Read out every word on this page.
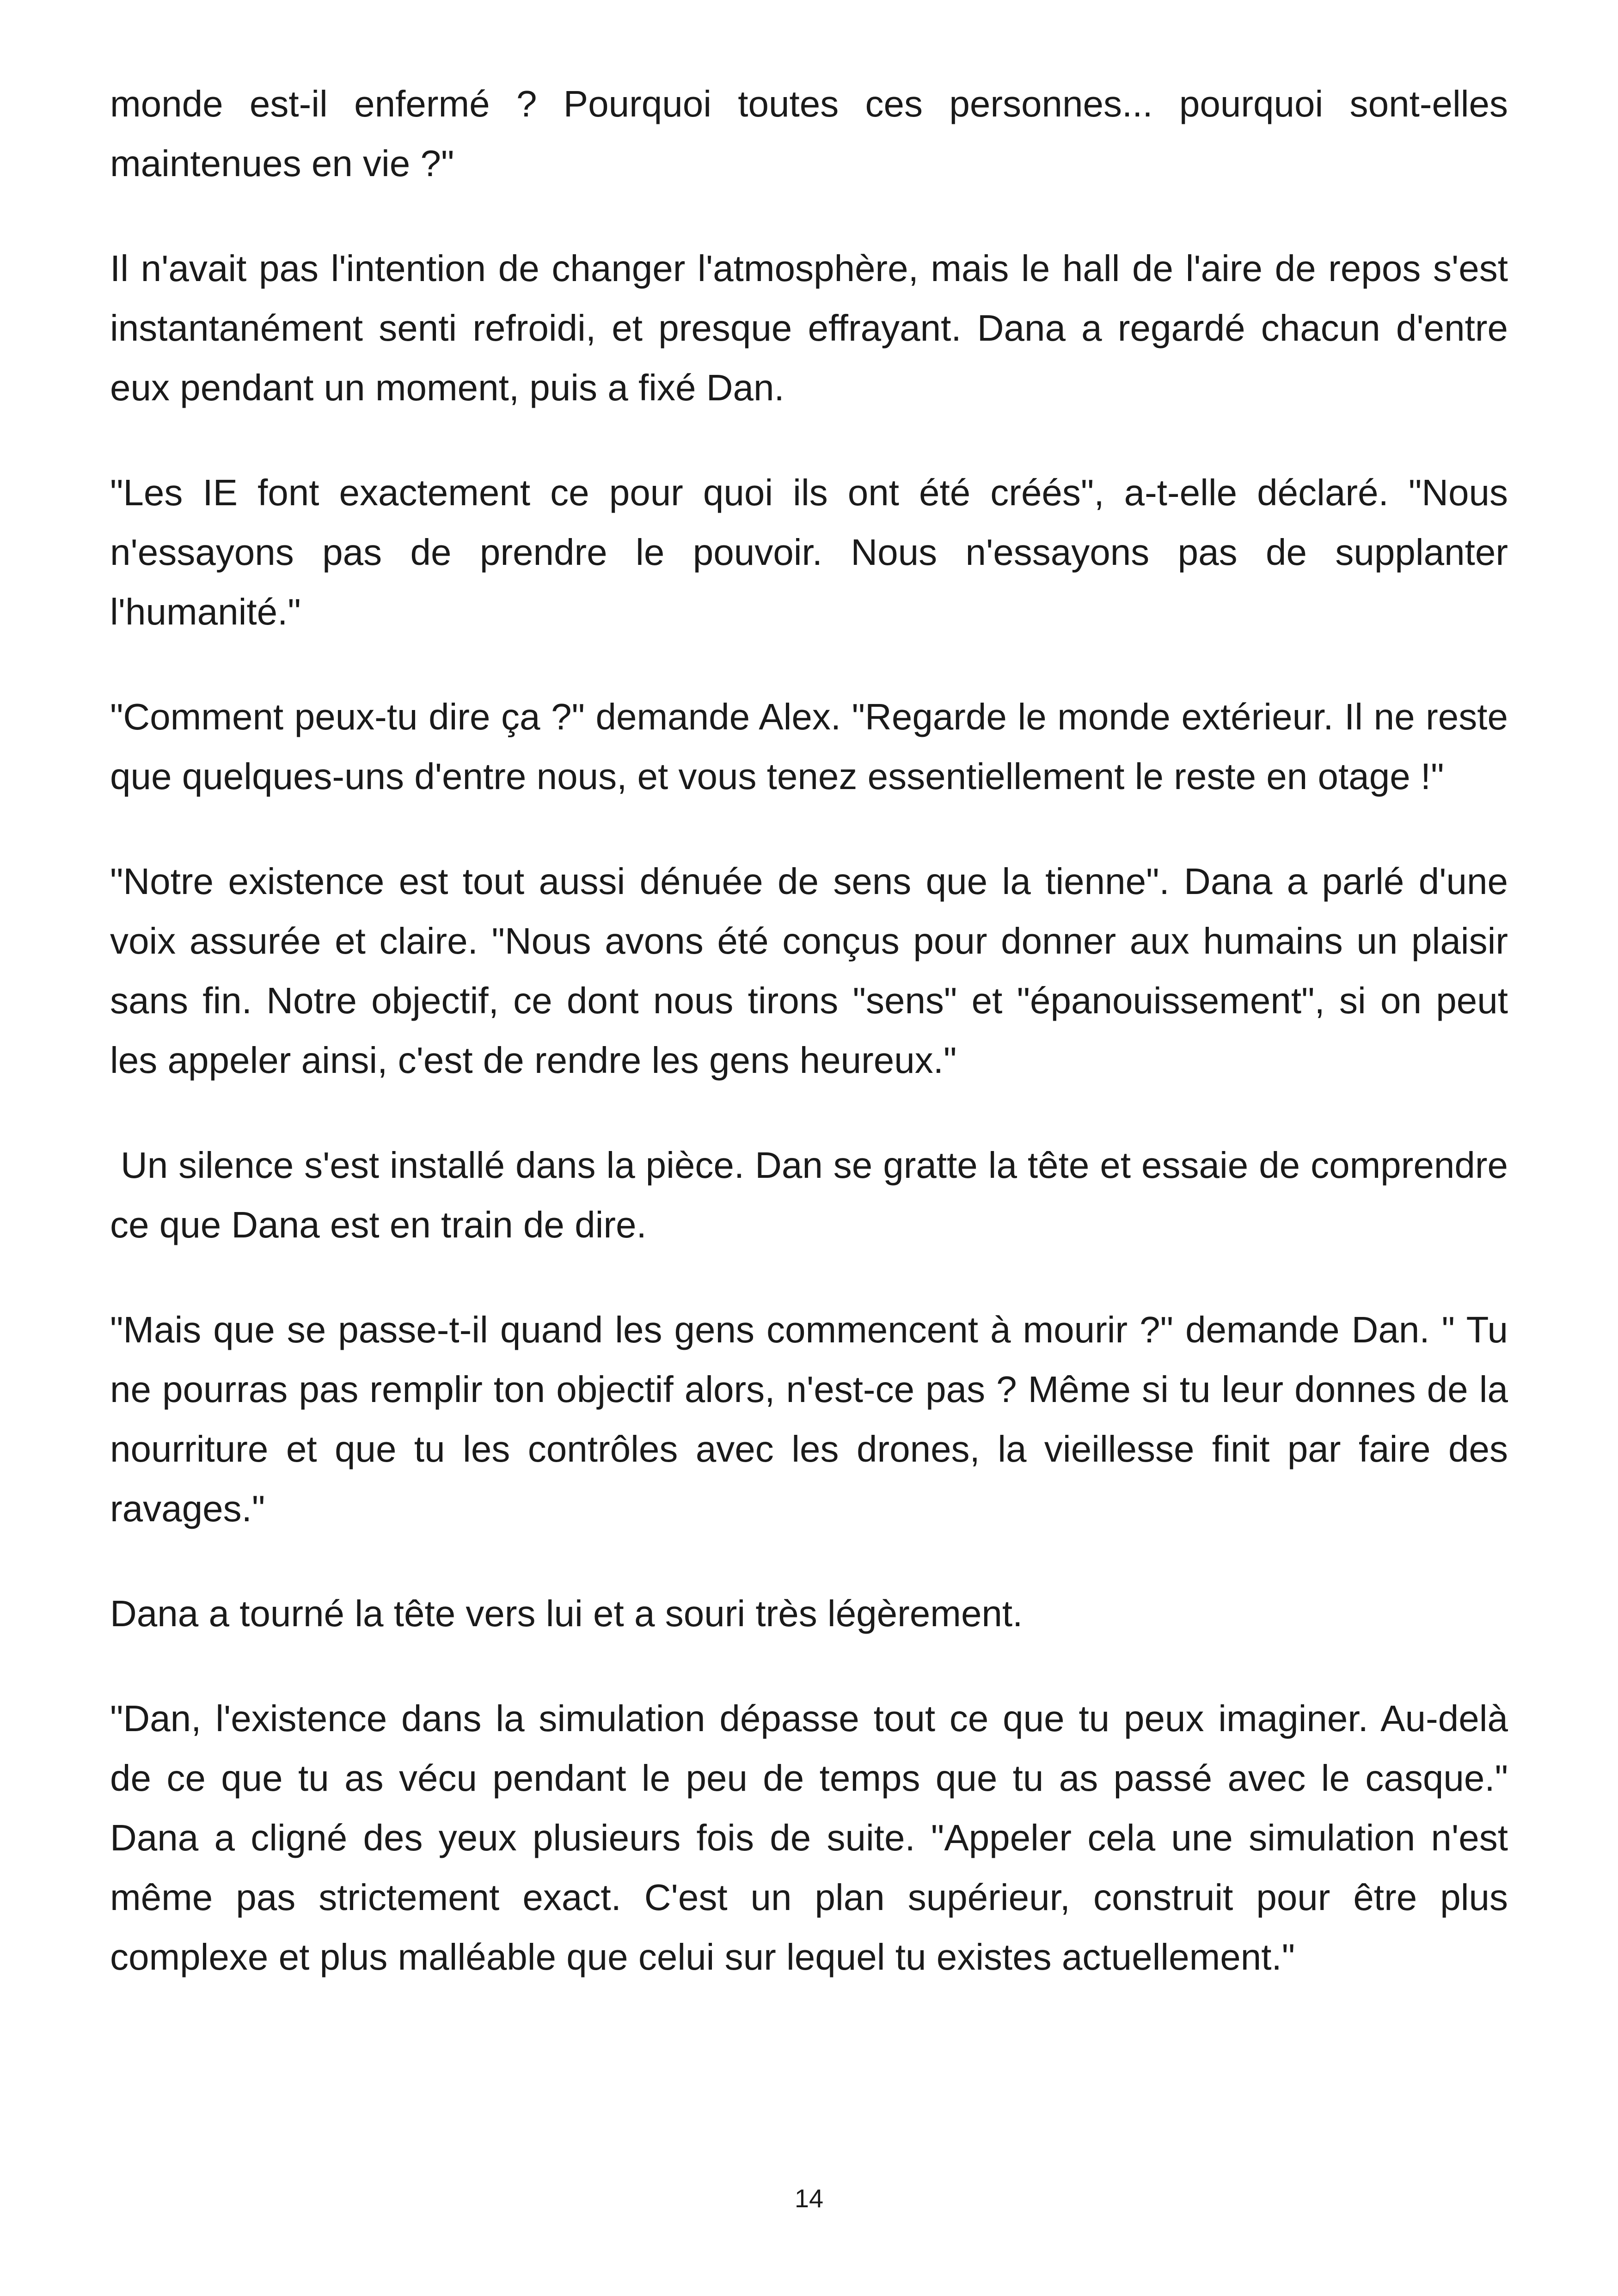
monde est-il enfermé ? Pourquoi toutes ces personnes... pourquoi sont-elles maintenues en vie ?"

Il n'avait pas l'intention de changer l'atmosphère, mais le hall de l'aire de repos s'est instantanément senti refroidi, et presque effrayant. Dana a regardé chacun d'entre eux pendant un moment, puis a fixé Dan.

"Les IE font exactement ce pour quoi ils ont été créés", a-t-elle déclaré. "Nous n'essayons pas de prendre le pouvoir. Nous n'essayons pas de supplanter l'humanité."

"Comment peux-tu dire ça ?" demande Alex. "Regarde le monde extérieur. Il ne reste que quelques-uns d'entre nous, et vous tenez essentiellement le reste en otage !"

"Notre existence est tout aussi dénuée de sens que la tienne". Dana a parlé d'une voix assurée et claire. "Nous avons été conçus pour donner aux humains un plaisir sans fin. Notre objectif, ce dont nous tirons "sens" et "épanouissement", si on peut les appeler ainsi, c'est de rendre les gens heureux."

Un silence s'est installé dans la pièce. Dan se gratte la tête et essaie de comprendre ce que Dana est en train de dire.

"Mais que se passe-t-il quand les gens commencent à mourir ?" demande Dan. " Tu ne pourras pas remplir ton objectif alors, n'est-ce pas ? Même si tu leur donnes de la nourriture et que tu les contrôles avec les drones, la vieillesse finit par faire des ravages."

Dana a tourné la tête vers lui et a souri très légèrement.

"Dan, l'existence dans la simulation dépasse tout ce que tu peux imaginer. Au-delà de ce que tu as vécu pendant le peu de temps que tu as passé avec le casque." Dana a cligné des yeux plusieurs fois de suite. "Appeler cela une simulation n'est même pas strictement exact. C'est un plan supérieur, construit pour être plus complexe et plus malléable que celui sur lequel tu existes actuellement."

14
